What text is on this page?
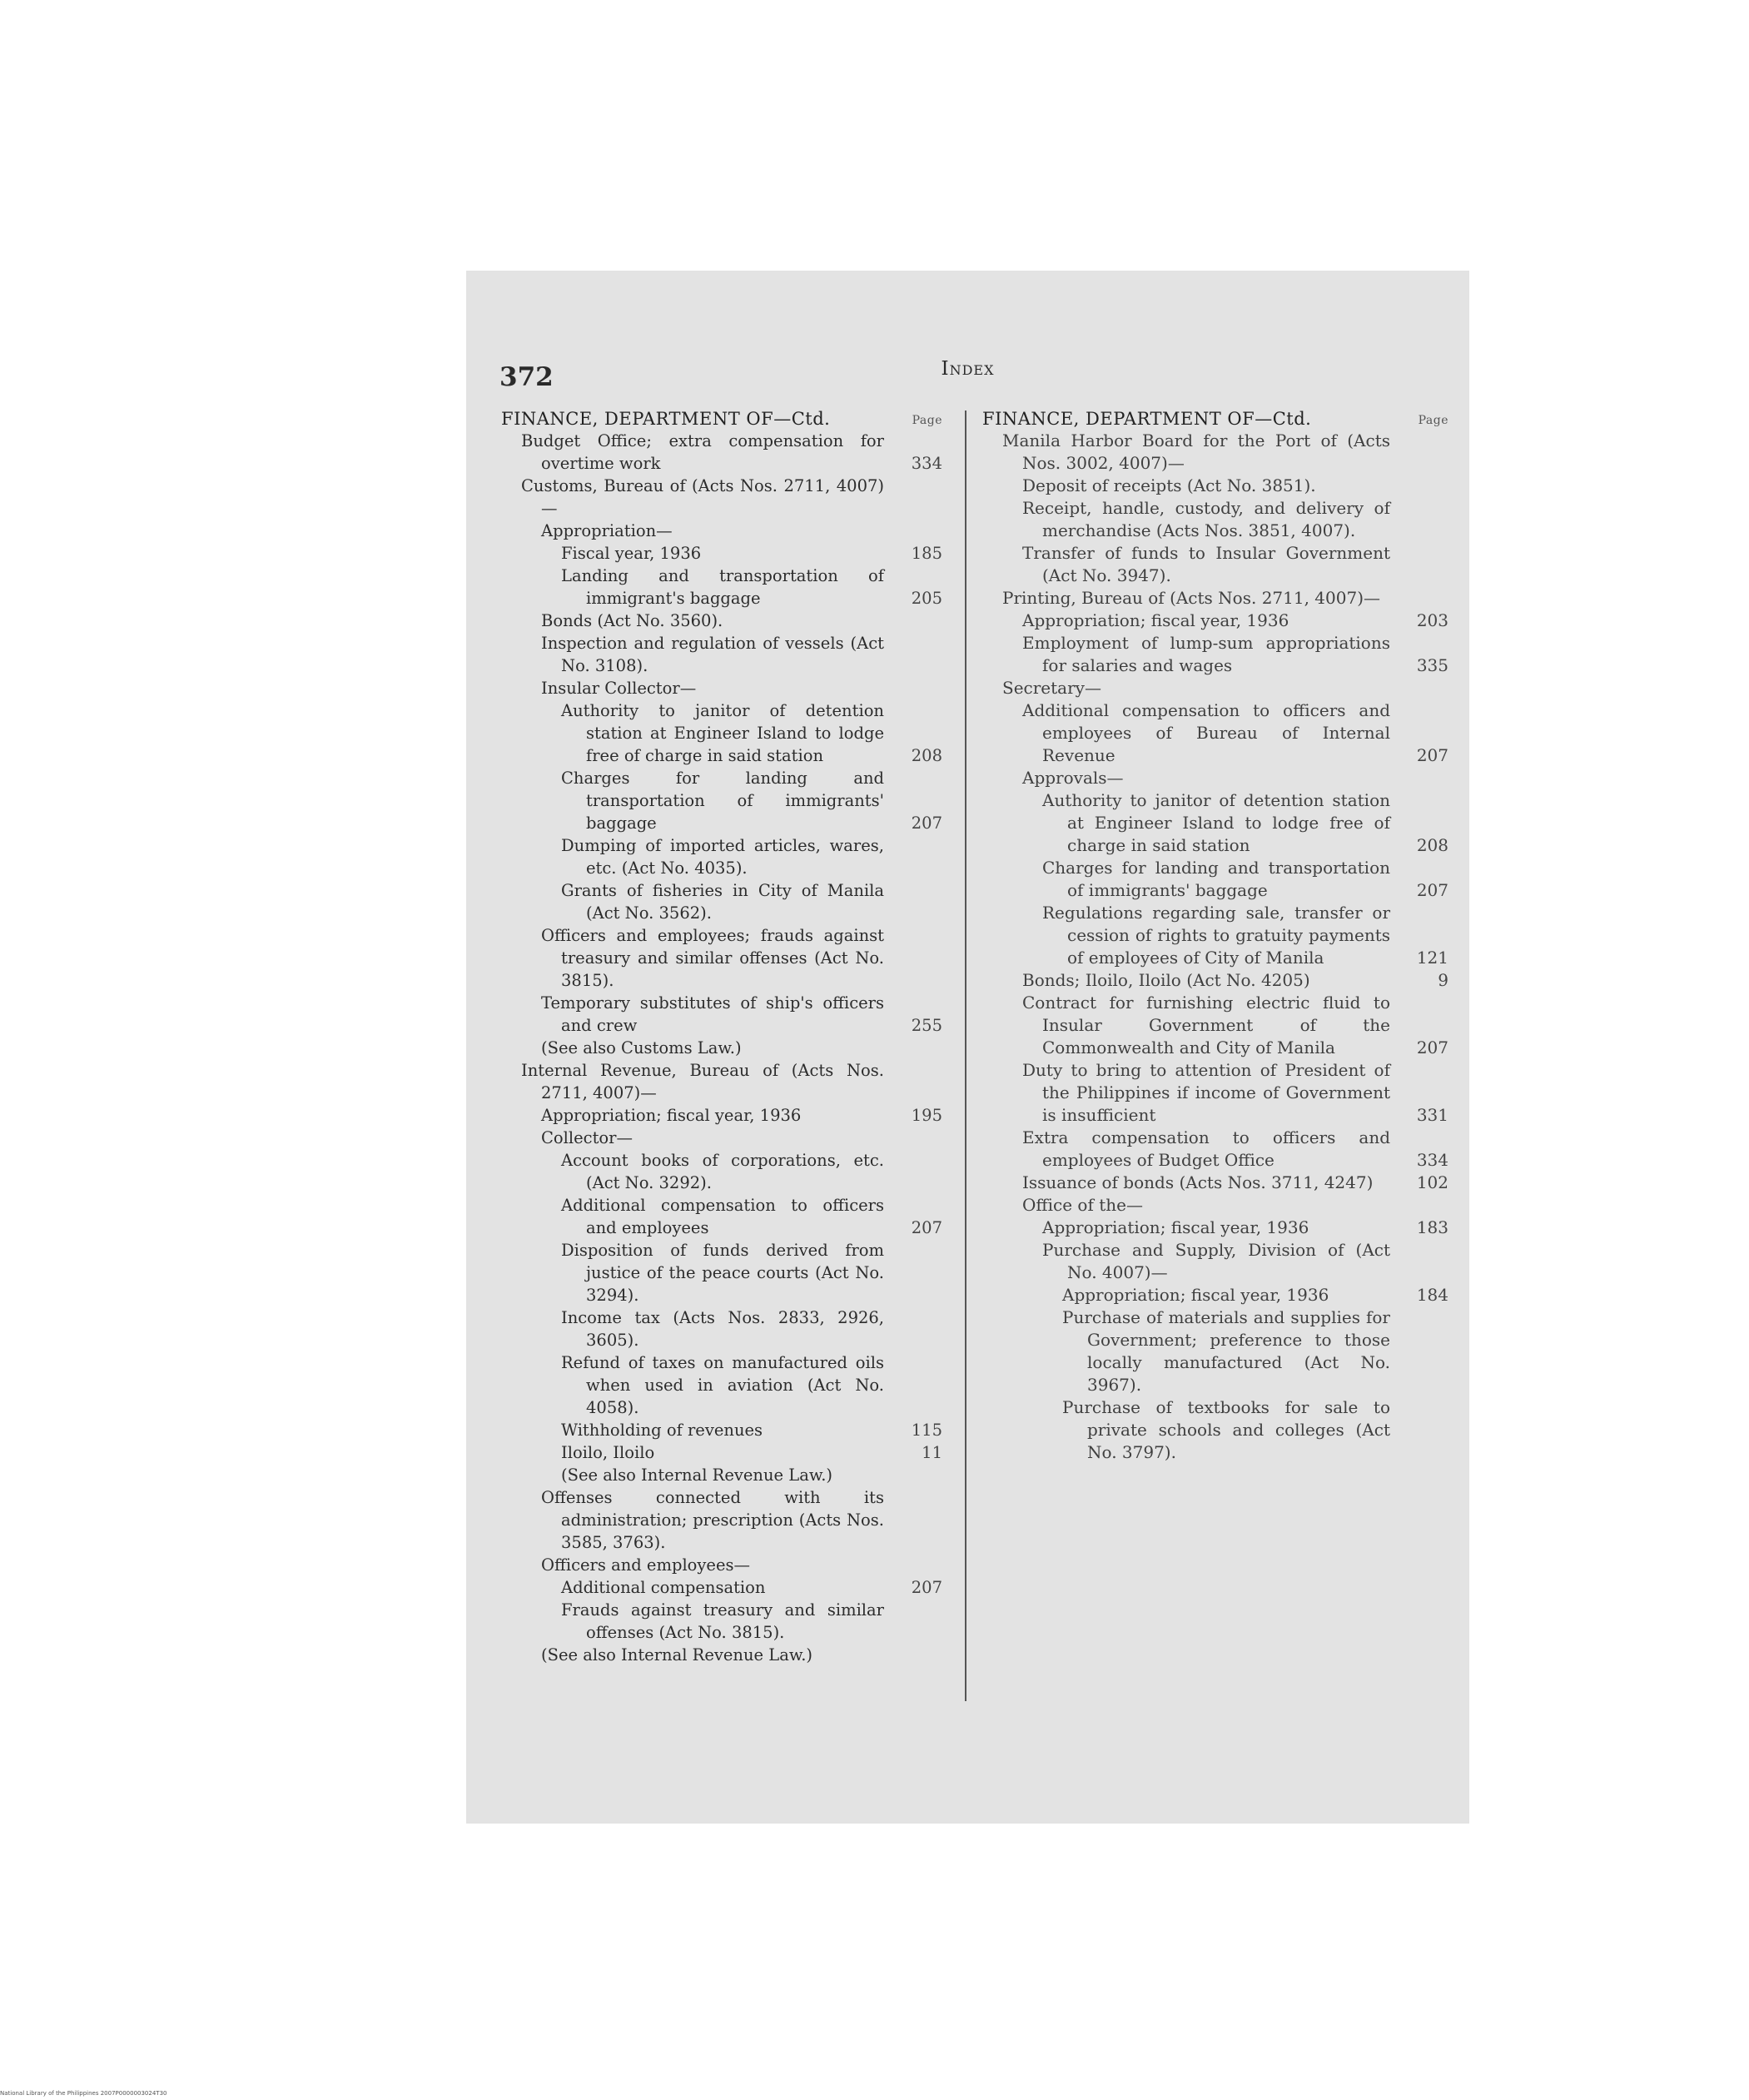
372	Index
FINANCE, DEPARTMENT OF—Ctd.	Page
Budget Office; extra compensation for overtime work	334
Customs, Bureau of (Acts Nos. 2711, 4007)—
Appropriation—
Fiscal year, 1936	185
Landing and transportation of immigrant's baggage	205
Bonds (Act No. 3560).
Inspection and regulation of vessels (Act No. 3108).
Insular Collector—
Authority to janitor of detention station at Engineer Island to lodge free of charge in said station	208
Charges for landing and transportation of immigrants' baggage	207
Dumping of imported articles, wares, etc. (Act No. 4035).
Grants of fisheries in City of Manila (Act No. 3562).
Officers and employees; frauds against treasury and similar offenses (Act No. 3815).
Temporary substitutes of ship's officers and crew	255
(See also Customs Law.)
Internal Revenue, Bureau of (Acts Nos. 2711, 4007)—
Appropriation; fiscal year, 1936	195
Collector—
Account books of corporations, etc. (Act No. 3292).
Additional compensation to officers and employees	207
Disposition of funds derived from justice of the peace courts (Act No. 3294).
Income tax (Acts Nos. 2833, 2926, 3605).
Refund of taxes on manufactured oils when used in aviation (Act No. 4058).
Withholding of revenues	115
Iloilo, Iloilo	11
(See also Internal Revenue Law.)
Offenses connected with its administration; prescription (Acts Nos. 3585, 3763).
Officers and employees—
Additional compensation	207
Frauds against treasury and similar offenses (Act No. 3815).
(See also Internal Revenue Law.)
FINANCE, DEPARTMENT OF—Ctd.	Page
Manila Harbor Board for the Port of (Acts Nos. 3002, 4007)—
Deposit of receipts (Act No. 3851).
Receipt, handle, custody, and delivery of merchandise (Acts Nos. 3851, 4007).
Transfer of funds to Insular Government (Act No. 3947).
Printing, Bureau of (Acts Nos. 2711, 4007)—
Appropriation; fiscal year, 1936	203
Employment of lump-sum appropriations for salaries and wages	335
Secretary—
Additional compensation to officers and employees of Bureau of Internal Revenue	207
Approvals—
Authority to janitor of detention station at Engineer Island to lodge free of charge in said station	208
Charges for landing and transportation of immigrants' baggage	207
Regulations regarding sale, transfer or cession of rights to gratuity payments of employees of City of Manila	121
Bonds; Iloilo, Iloilo (Act No. 4205)	9
Contract for furnishing electric fluid to Insular Government of the Commonwealth and City of Manila	207
Duty to bring to attention of President of the Philippines if income of Government is insufficient	331
Extra compensation to officers and employees of Budget Office	334
Issuance of bonds (Acts Nos. 3711, 4247)	102
Office of the—
Appropriation; fiscal year, 1936	183
Purchase and Supply, Division of (Act No. 4007)—
Appropriation; fiscal year, 1936	184
Purchase of materials and supplies for Government; preference to those locally manufactured (Act No. 3967).
Purchase of textbooks for sale to private schools and colleges (Act No. 3797).
National Library of the Philippines 2007P0000003024T30
